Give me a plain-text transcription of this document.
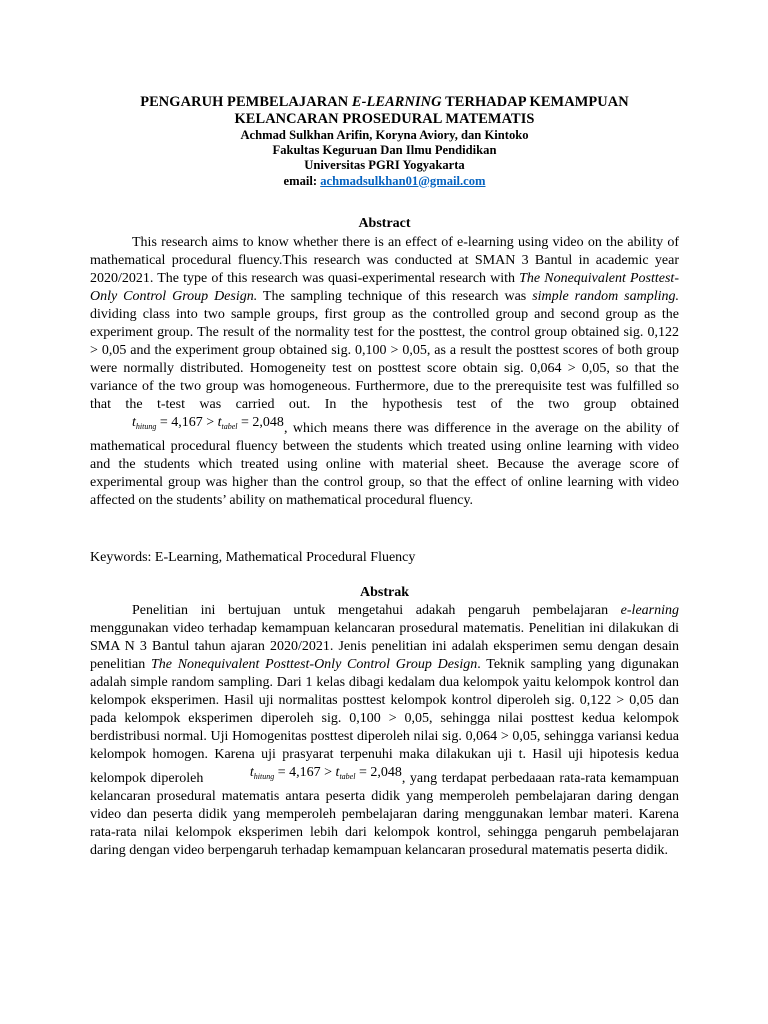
PENGARUH PEMBELAJARAN E-LEARNING TERHADAP KEMAMPUAN
KELANCARAN PROSEDURAL MATEMATIS
Achmad Sulkhan Arifin, Koryna Aviory, dan Kintoko
Fakultas Keguruan Dan Ilmu Pendidikan
Universitas PGRI Yogyakarta
email: achmadsulkhan01@gmail.com
Abstract
This research aims to know whether there is an effect of e-learning using video on the ability of mathematical procedural fluency.This research was conducted at SMAN 3 Bantul in academic year 2020/2021. The type of this research was quasi-experimental research with The Nonequivalent Posttest-Only Control Group Design. The sampling technique of this research was simple random sampling. dividing class into two sample groups, first group as the controlled group and second group as the experiment group. The result of the normality test for the posttest, the control group obtained sig. 0,122 > 0,05 and the experiment group obtained sig. 0,100 > 0,05, as a result the posttest scores of both group were normally distributed. Homogeneity test on posttest score obtain sig. 0,064 > 0,05, so that the variance of the two group was homogeneous. Furthermore, due to the prerequisite test was fulfilled so that the t-test was carried out. In the hypothesis test of the two group obtained $t_{hitung} = 4,167 > t_{tabel} = 2,048$, which means there was difference in the average on the ability of mathematical procedural fluency between the students which treated using online learning with video and the students which treated using online with material sheet. Because the average score of experimental group was higher than the control group, so that the effect of online learning with video affected on the students’ ability on mathematical procedural fluency.
Keywords: E-Learning, Mathematical Procedural Fluency
Abstrak
Penelitian ini bertujuan untuk mengetahui adakah pengaruh pembelajaran e-learning menggunakan video terhadap kemampuan kelancaran prosedural matematis. Penelitian ini dilakukan di SMA N 3 Bantul tahun ajaran 2020/2021. Jenis penelitian ini adalah eksperimen semu dengan desain penelitian The Nonequivalent Posttest-Only Control Group Design. Teknik sampling yang digunakan adalah simple random sampling. Dari 1 kelas dibagi kedalam dua kelompok yaitu kelompok kontrol dan kelompok eksperimen. Hasil uji normalitas posttest kelompok kontrol diperoleh sig. 0,122 > 0,05 dan pada kelompok eksperimen diperoleh sig. 0,100 > 0,05, sehingga nilai posttest kedua kelompok berdistribusi normal. Uji Homogenitas posttest diperoleh nilai sig. 0,064 > 0,05, sehingga variansi kedua kelompok homogen. Karena uji prasyarat terpenuhi maka dilakukan uji t. Hasil uji hipotesis kedua kelompok diperoleh	$t_{hitung} = 4,167 > t_{tabel} = 2,048$, yang terdapat perbedaaan rata-rata kemampuan kelancaran prosedural matematis antara peserta didik yang memperoleh pembelajaran daring dengan video dan peserta didik yang memperoleh pembelajaran daring menggunakan lembar materi. Karena rata-rata nilai kelompok eksperimen lebih dari kelompok kontrol, sehingga pengaruh pembelajaran daring dengan video berpengaruh terhadap kemampuan kelancaran prosedural matematis peserta didik.
